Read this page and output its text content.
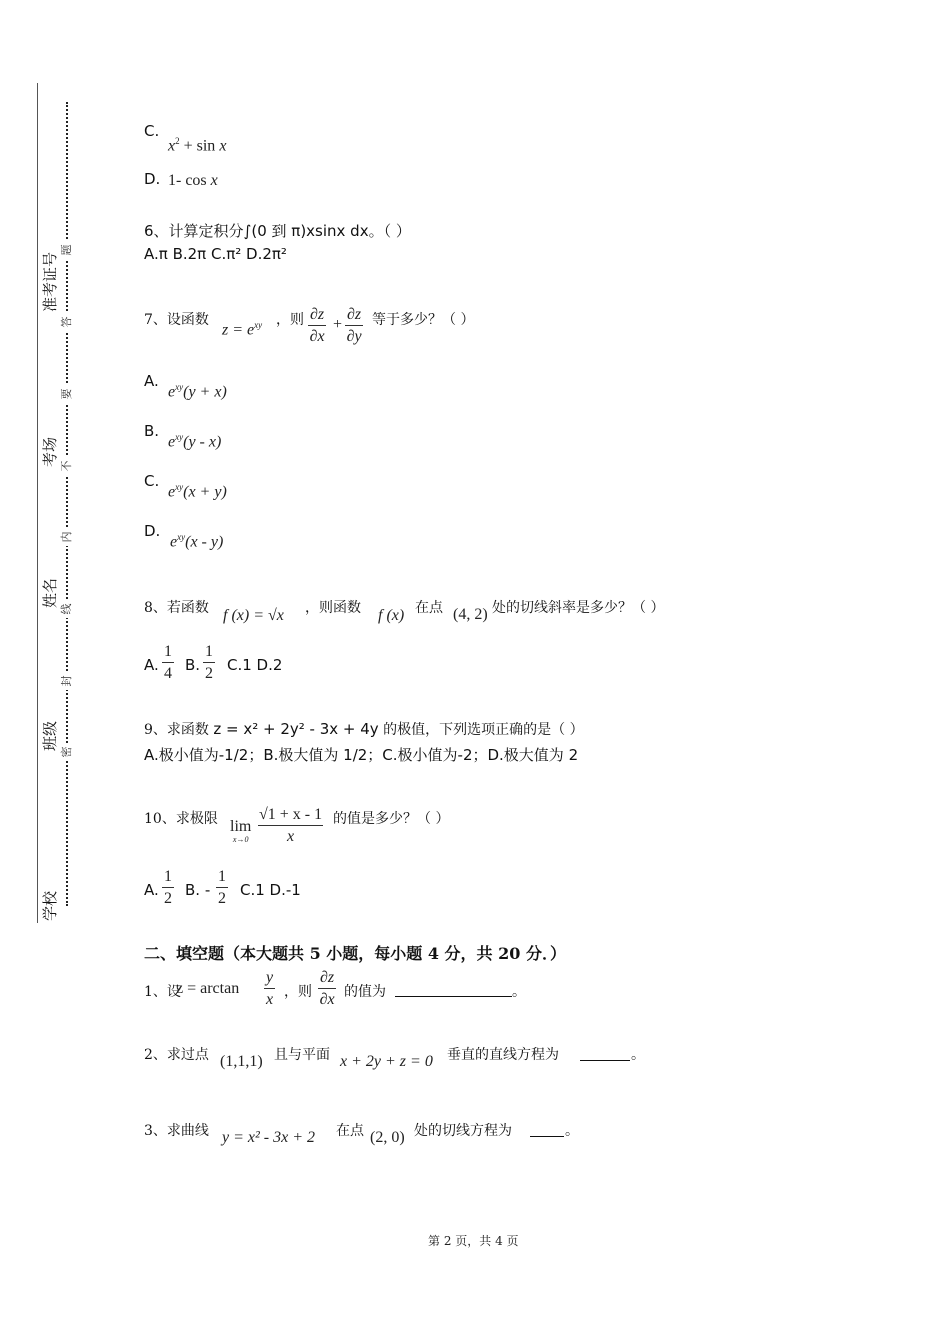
准考证号
考场
姓名
班级
学校
题
答
要
不
内
线
封
密
C.
$x^2 + \sin x$
D. 1- cos x
6、计算定积分∫(0 到 π)xsinx dx。（ ）
A.π B.2π C.π² D.2π²
7、设函数
$z = e^{xy}$ ，则 $\frac{\partial z}{\partial x} + \frac{\partial z}{\partial y}$ 等于多少？（ ）
A.
$e^{xy}(y + x)$
B.
$e^{xy}(y - x)$
C.
$e^{xy}(x + y)$
D.
$e^{xy}(x - y)$
8、若函数 f (x) = √x ，则函数 f (x) 在点 (4, 2) 处的切线斜率是多少？（ ）
A. $\frac{1}{4} B$. $\frac{1}{2} C.1$ D.2
9、求函数 z = x² + 2y² - 3x + 4y 的极值，下列选项正确的是（ ）
A.极小值为-1/2；B.极大值为 1/2；C.极小值为-2；D.极大值为 2
10、求极限 lim
$x\to 0 \frac{√1 + x - 1}{x}$ 的值是多少？（ ）
A. $\frac{1}{2} B$. - $\frac{1}{2} C.1$ D.-1
二、填空题（本大题共 5 小题，每小题 4 分，共 20 分．）
1、设
$z = \arctan \frac{y}{x}$ ，则 $\frac{\partial z}{\partial x}$ 的值为	。
2、求过点 (1,1,1) 且与平面 x + 2y + z = 0 垂直的直线方程为	。
3、求曲线 y = x² - 3x + 2 在点 (2, 0) 处的切线方程为	。
第 2 页，共 4 页
